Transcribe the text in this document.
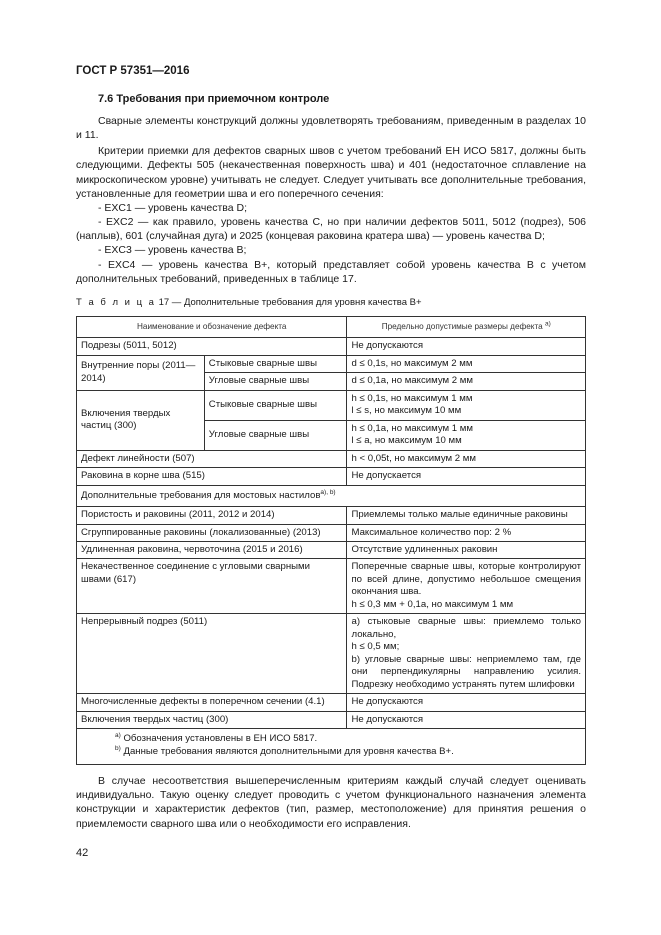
ГОСТ Р 57351—2016
7.6 Требования при приемочном контроле

Сварные элементы конструкций должны удовлетворять требованиям, приведенным в разделах 10 и 11.

Критерии приемки для дефектов сварных швов с учетом требований ЕН ИСО 5817, должны быть следующими. Дефекты 505 (некачественная поверхность шва) и 401 (недостаточное сплавление на микроскопическом уровне) учитывать не следует. Следует учитывать все дополнительные требования, установленные для геометрии шва и его поперечного сечения:

- EXC1 — уровень качества D;

- EXC2 — как правило, уровень качества C, но при наличии дефектов 5011, 5012 (подрез), 506 (наплыв), 601 (случайная дуга) и 2025 (концевая раковина кратера шва) — уровень качества D;

- EXC3 — уровень качества B;

- EXC4 — уровень качества B+, который представляет собой уровень качества B с учетом дополнительных требований, приведенных в таблице 17.

Т а б л и ц а 17 — Дополнительные требования для уровня качества B+
Наименование и обозначение дефекта		Предельно допустимые размеры дефекта $^{a)}$
Подрезы (5011, 5012)		Не допускаются
Внутренние поры (2011—2014)	Стыковые сварные швы	d ≤ 0,1s, но максимум 2 мм
	Угловые сварные швы	d ≤ 0,1a, но максимум 2 мм
Включения твердых частиц (300)	Стыковые сварные швы	h ≤ 0,1s, но максимум 1 мм
l ≤ s, но максимум 10 мм

	Угловые сварные швы	h ≤ 0,1a, но максимум 1 мм
l ≤ a, но максимум 10 мм

Дефект линейности (507)		h < 0,05t, но максимум 2 мм
Раковина в корне шва (515)		Не допускается
Дополнительные требования для мостовых настилов$^{a), b)}$
Пористость и раковины (2011, 2012 и 2014)		Приемлемы только малые единичные раковины
Сгруппированные раковины (локализованные) (2013)		Максимальное количество пор: 2 %
Удлиненная раковина, червоточина (2015 и 2016)		Отсутствие удлиненных раковин
Некачественное соединение с угловыми сварными швами (617)		Поперечные сварные швы, которые контролируют по всей длине, допустимо небольшое смещения окончания шва.
h ≤ 0,3 мм + 0,1a, но максимум 1 мм

Непрерывный подрез (5011)		a) стыковые сварные швы: приемлемо только локально,
h ≤ 0,5 мм;
b) угловые сварные швы: неприемлемо там, где они перпендикулярны направлению усилия. Подрезку необходимо устранять путем шлифовки

Многочисленные дефекты в поперечном сечении (4.1)		Не допускаются
Включения твердых частиц (300)		Не допускаются

$^{a)}$ Обозначения установлены в ЕН ИСО 5817.
$^{b)}$ Данные требования являются дополнительными для уровня качества B+.		

В случае несоответствия вышеперечисленным критериям каждый случай следует оценивать индивидуально. Такую оценку следует проводить с учетом функционального назначения элемента конструкции и характеристик дефектов (тип, размер, местоположение) для принятия решения о приемлемости сварного шва или о необходимости его исправления.

42
